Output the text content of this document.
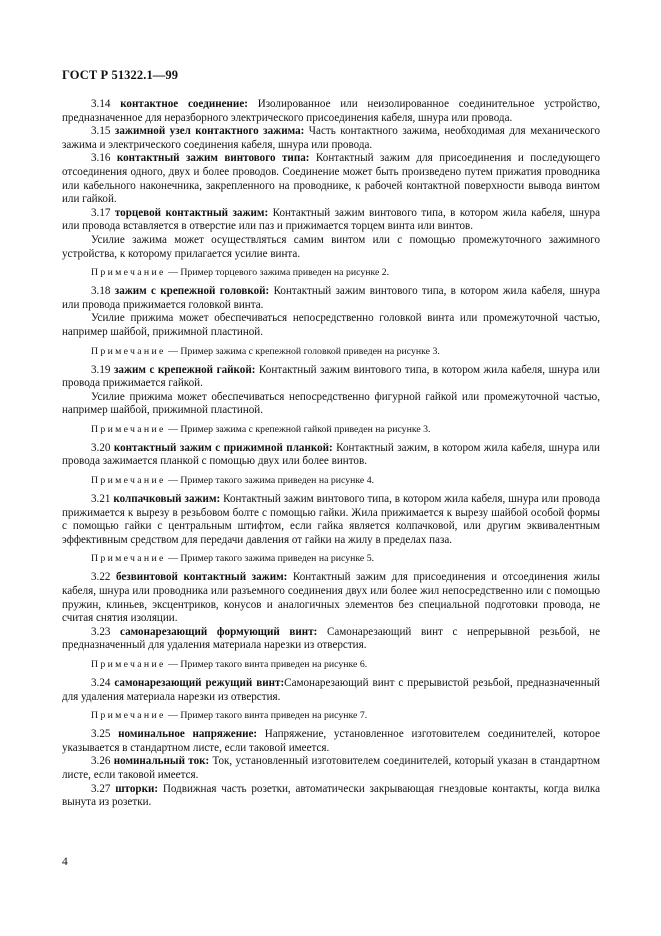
ГОСТ Р 51322.1—99

3.14 контактное соединение: Изолированное или неизолированное соединительное устройство, предназначенное для неразборного электрического присоединения кабеля, шнура или провода.

3.15 зажимной узел контактного зажима: Часть контактного зажима, необходимая для механического зажима и электрического соединения кабеля, шнура или провода.

3.16 контактный зажим винтового типа: Контактный зажим для присоединения и последующего отсоединения одного, двух и более проводов. Соединение может быть произведено путем прижатия проводника или кабельного наконечника, закрепленного на проводнике, к рабочей контактной поверхности вывода винтом или гайкой.

3.17 торцевой контактный зажим: Контактный зажим винтового типа, в котором жила кабеля, шнура или провода вставляется в отверстие или паз и прижимается торцем винта или винтов.

Усилие зажима может осуществляться самим винтом или с помощью промежуточного зажимного устройства, к которому прилагается усилие винта.

Примечание — Пример торцевого зажима приведен на рисунке 2.

3.18 зажим с крепежной головкой: Контактный зажим винтового типа, в котором жила кабеля, шнура или провода прижимается головкой винта.

Усилие прижима может обеспечиваться непосредственно головкой винта или промежуточной частью, например шайбой, прижимной пластиной.

Примечание — Пример зажима с крепежной головкой приведен на рисунке 3.

3.19 зажим с крепежной гайкой: Контактный зажим винтового типа, в котором жила кабеля, шнура или провода прижимается гайкой.

Усилие прижима может обеспечиваться непосредственно фигурной гайкой или промежуточной частью, например шайбой, прижимной пластиной.

Примечание — Пример зажима с крепежной гайкой приведен на рисунке 3.

3.20 контактный зажим с прижимной планкой: Контактный зажим, в котором жила кабеля, шнура или провода зажимается планкой с помощью двух или более винтов.

Примечание — Пример такого зажима приведен на рисунке 4.

3.21 колпачковый зажим: Контактный зажим винтового типа, в котором жила кабеля, шнура или провода прижимается к вырезу в резьбовом болте с помощью гайки. Жила прижимается к вырезу шайбой особой формы с помощью гайки с центральным штифтом, если гайка является колпачковой, или другим эквивалентным эффективным средством для передачи давления от гайки на жилу в пределах паза.

Примечание — Пример такого зажима приведен на рисунке 5.

3.22 безвинтовой контактный зажим: Контактный зажим для присоединения и отсоединения жилы кабеля, шнура или проводника или разъемного соединения двух или более жил непосредственно или с помощью пружин, клиньев, эксцентриков, конусов и аналогичных элементов без специальной подготовки провода, не считая снятия изоляции.

3.23 самонарезающий формующий винт: Самонарезающий винт с непрерывной резьбой, не предназначенный для удаления материала нарезки из отверстия.

Примечание — Пример такого винта приведен на рисунке 6.

3.24 самонарезающий режущий винт:Самонарезающий винт с прерывистой резьбой, предназначенный для удаления материала нарезки из отверстия.

Примечание — Пример такого винта приведен на рисунке 7.

3.25 номинальное напряжение: Напряжение, установленное изготовителем соединителей, которое указывается в стандартном листе, если таковой имеется.

3.26 номинальный ток: Ток, установленный изготовителем соединителей, который указан в стандартном листе, если таковой имеется.

3.27 шторки: Подвижная часть розетки, автоматически закрывающая гнездовые контакты, когда вилка вынута из розетки.

4
